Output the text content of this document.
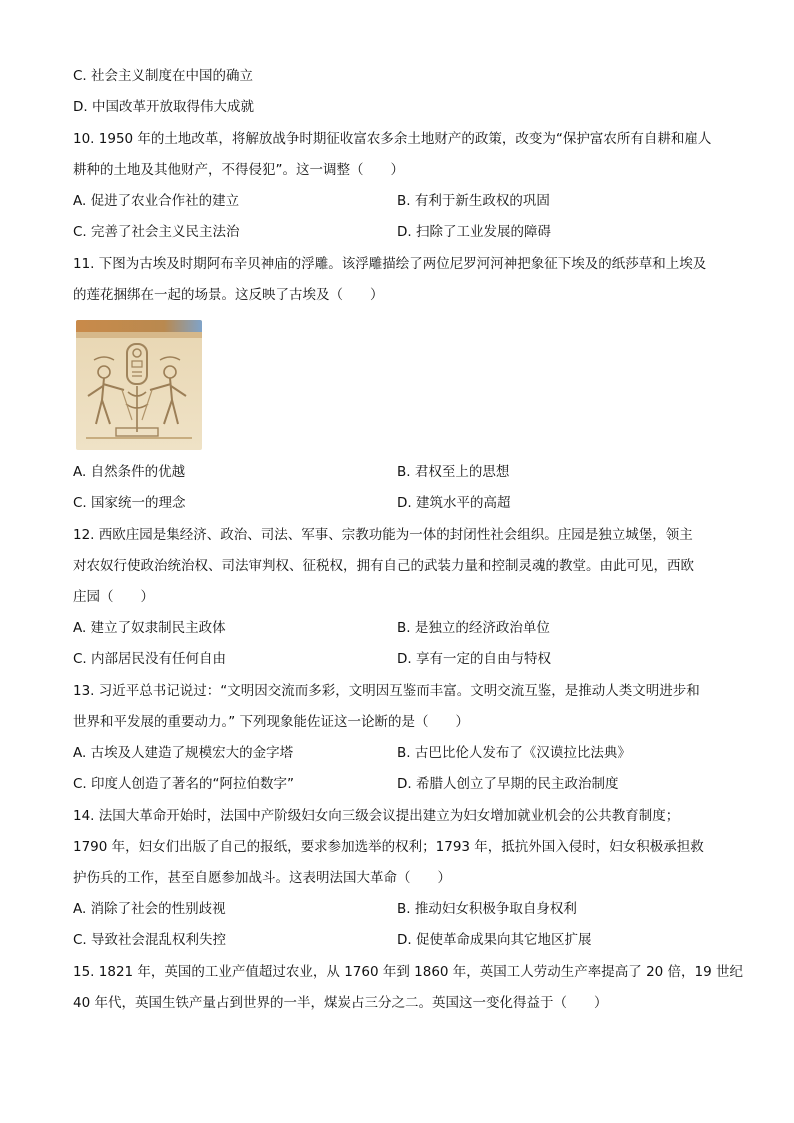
C. 社会主义制度在中国的确立
D. 中国改革开放取得伟大成就
10. 1950 年的土地改革，将解放战争时期征收富农多余土地财产的政策，改变为“保护富农所有自耕和雇人
耕种的土地及其他财产，不得侵犯”。这一调整（　　）
A. 促进了农业合作社的建立	B. 有利于新生政权的巩固
C. 完善了社会主义民主法治	D. 扫除了工业发展的障碍
11. 下图为古埃及时期阿布辛贝神庙的浮雕。该浮雕描绘了两位尼罗河河神把象征下埃及的纸莎草和上埃及
的莲花捆绑在一起的场景。这反映了古埃及（　　）
A. 自然条件的优越	B. 君权至上的思想
C. 国家统一的理念	D. 建筑水平的高超
12. 西欧庄园是集经济、政治、司法、军事、宗教功能为一体的封闭性社会组织。庄园是独立城堡，领主
对农奴行使政治统治权、司法审判权、征税权，拥有自己的武装力量和控制灵魂的教堂。由此可见，西欧
庄园（　　）
A. 建立了奴隶制民主政体	B. 是独立的经济政治单位
C. 内部居民没有任何自由	D. 享有一定的自由与特权
13. 习近平总书记说过：“文明因交流而多彩，文明因互鉴而丰富。文明交流互鉴，是推动人类文明进步和
世界和平发展的重要动力。” 下列现象能佐证这一论断的是（　　）
A. 古埃及人建造了规模宏大的金字塔	B. 古巴比伦人发布了《汉谟拉比法典》
C. 印度人创造了著名的“阿拉伯数字”	D. 希腊人创立了早期的民主政治制度
14. 法国大革命开始时，法国中产阶级妇女向三级会议提出建立为妇女增加就业机会的公共教育制度；
1790 年，妇女们出版了自己的报纸，要求参加选举的权利；1793 年，抵抗外国入侵时，妇女积极承担救
护伤兵的工作，甚至自愿参加战斗。这表明法国大革命（　　）
A. 消除了社会的性别歧视	B. 推动妇女积极争取自身权利
C. 导致社会混乱权利失控	D. 促使革命成果向其它地区扩展
15. 1821 年，英国的工业产值超过农业，从 1760 年到 1860 年，英国工人劳动生产率提高了 20 倍，19 世纪
40 年代，英国生铁产量占到世界的一半，煤炭占三分之二。英国这一变化得益于（　　）
